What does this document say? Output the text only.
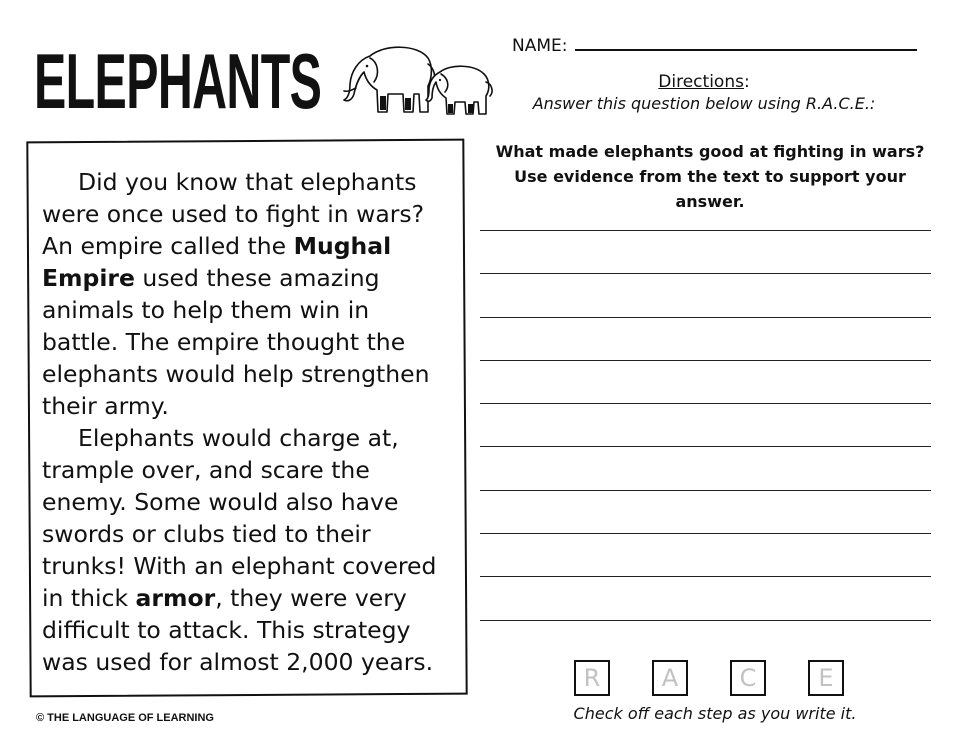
ELEPHANTS	NAME:
Directions:
Answer this question below using R.A.C.E.:

Did you know that elephants were once used to fight in wars? An empire called the Mughal Empire used these amazing animals to help them win in battle. The empire thought the elephants would help strengthen their army.

Elephants would charge at, trample over, and scare the enemy. Some would also have swords or clubs tied to their trunks! With an elephant covered in thick armor, they were very difficult to attack. This strategy was used for almost 2,000 years.

What made elephants good at fighting in wars?
Use evidence from the text to support your answer.
R	A	C	E
Check off each step as you write it.
© THE LANGUAGE OF LEARNING
